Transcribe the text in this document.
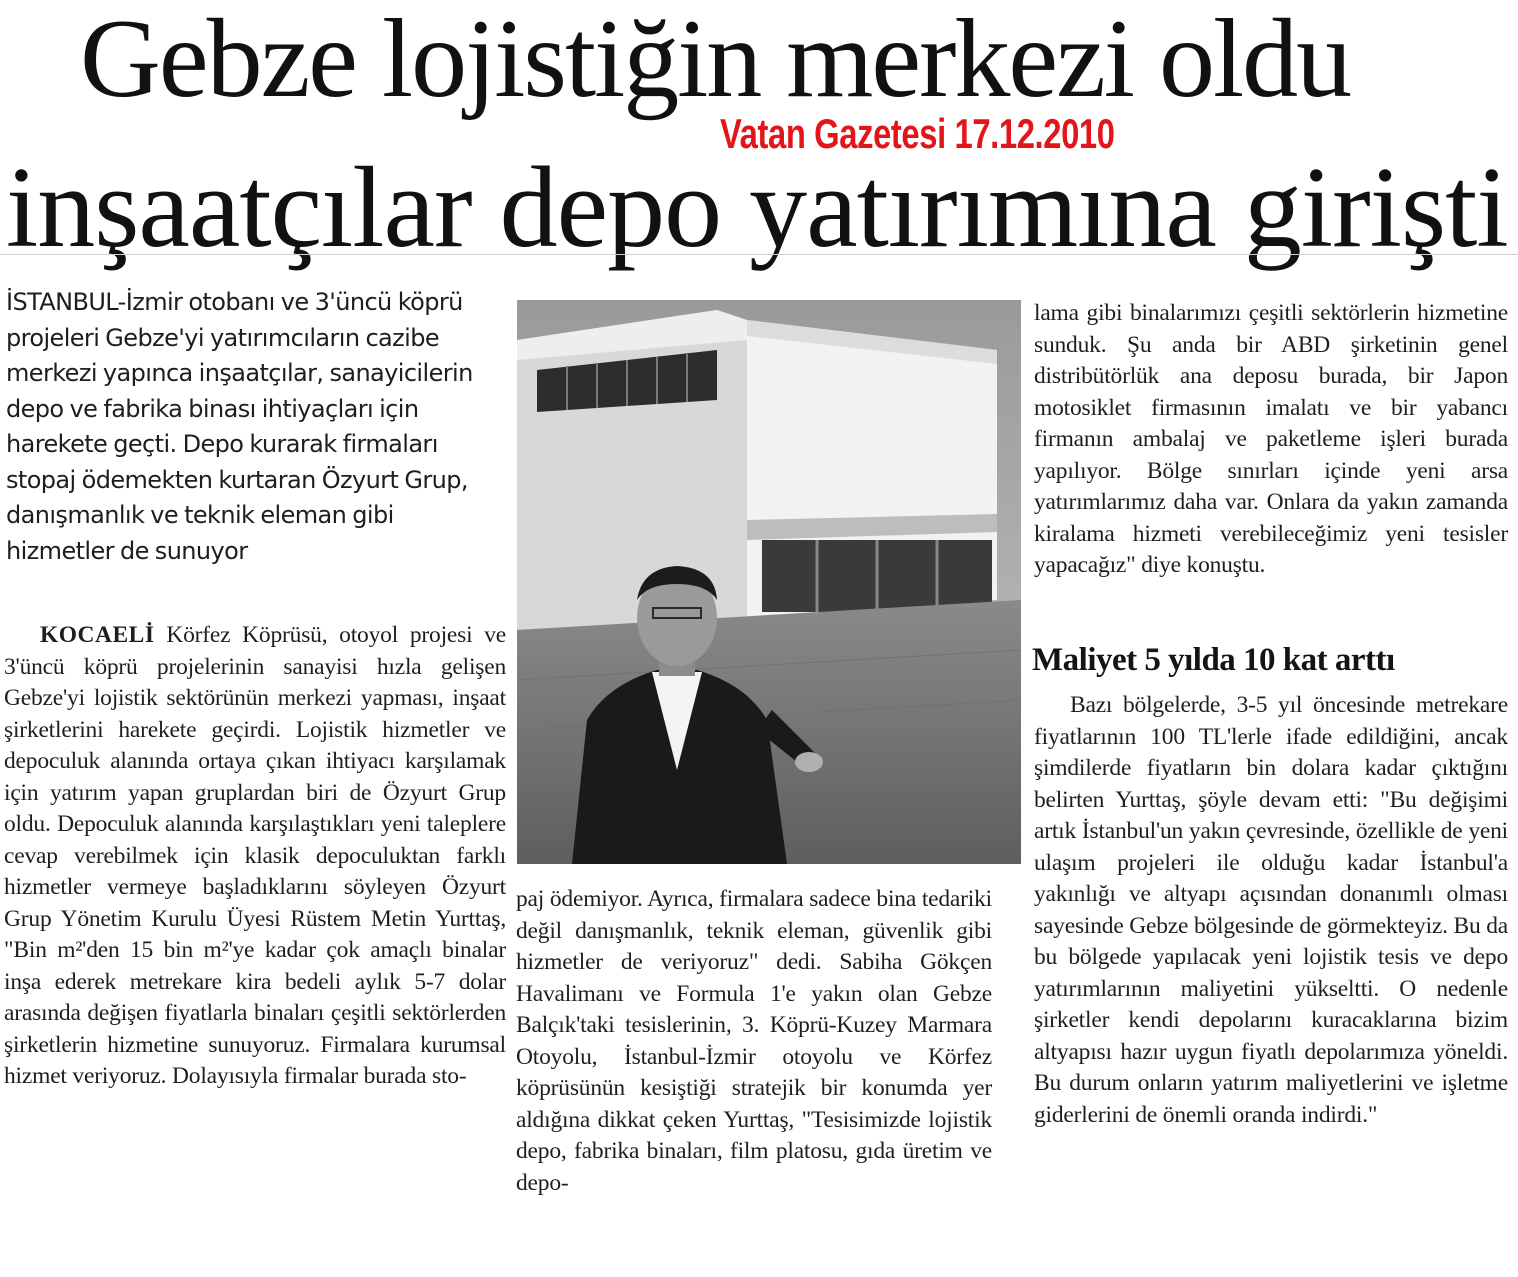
Gebze lojistiğin merkezi oldu
inşaatçılar depo yatırımına girişti
Vatan Gazetesi 17.12.2010

İSTANBUL-İzmir otobanı ve 3'üncü köprü projeleri Gebze'yi yatırımcıların cazibe merkezi yapınca inşaatçılar, sanayicilerin depo ve fabrika binası ihtiyaçları için harekete geçti. Depo kurarak firmaları stopaj ödemekten kurtaran Özyurt Grup, danışmanlık ve teknik eleman gibi hizmetler de sunuyor

KOCAELİ Körfez Köprüsü, otoyol projesi ve 3'üncü köprü projelerinin sanayisi hızla gelişen Gebze'yi lojistik sektörünün merkezi yapması, inşaat şirketlerini harekete geçirdi. Lojistik hizmetler ve depoculuk alanında ortaya çıkan ihtiyacı karşılamak için yatırım yapan gruplardan biri de Özyurt Grup oldu. Depoculuk alanında karşılaştıkları yeni taleplere cevap verebilmek için klasik depoculuktan farklı hizmetler vermeye başladıklarını söyleyen Özyurt Grup Yönetim Kurulu Üyesi Rüstem Metin Yurttaş, "Bin m²'den 15 bin m²'ye kadar çok amaçlı binalar inşa ederek metrekare kira bedeli aylık 5-7 dolar arasında değişen fiyatlarla binaları çeşitli sektörlerden şirketlerin hizmetine sunuyoruz. Firmalara kurumsal hizmet veriyoruz. Dolayısıyla firmalar burada sto-

paj ödemiyor. Ayrıca, firmalara sadece bina tedariki değil danışmanlık, teknik eleman, güvenlik gibi hizmetler de veriyoruz" dedi. Sabiha Gökçen Havalimanı ve Formula 1'e yakın olan Gebze Balçık'taki tesislerinin, 3. Köprü-Kuzey Marmara Otoyolu, İstanbul-İzmir otoyolu ve Körfez köprüsünün kesiştiği stratejik bir konumda yer aldığına dikkat çeken Yurttaş, "Tesisimizde lojistik depo, fabrika binaları, film platosu, gıda üretim ve depo-

lama gibi binalarımızı çeşitli sektörlerin hizmetine sunduk. Şu anda bir ABD şirketinin genel distribütörlük ana deposu burada, bir Japon motosiklet firmasının imalatı ve bir yabancı firmanın ambalaj ve paketleme işleri burada yapılıyor. Bölge sınırları içinde yeni arsa yatırımlarımız daha var. Onlara da yakın zamanda kiralama hizmeti verebileceğimiz yeni tesisler yapacağız" diye konuştu.

Maliyet 5 yılda 10 kat arttı

Bazı bölgelerde, 3-5 yıl öncesinde metrekare fiyatlarının 100 TL'lerle ifade edildiğini, ancak şimdilerde fiyatların bin dolara kadar çıktığını belirten Yurttaş, şöyle devam etti: "Bu değişimi artık İstanbul'un yakın çevresinde, özellikle de yeni ulaşım projeleri ile olduğu kadar İstanbul'a yakınlığı ve altyapı açısından donanımlı olması sayesinde Gebze bölgesinde de görmekteyiz. Bu da bu bölgede yapılacak yeni lojistik tesis ve depo yatırımlarının maliyetini yükseltti. O nedenle şirketler kendi depolarını kuracaklarına bizim altyapısı hazır uygun fiyatlı depolarımıza yöneldi. Bu durum onların yatırım maliyetlerini ve işletme giderlerini de önemli oranda indirdi."
